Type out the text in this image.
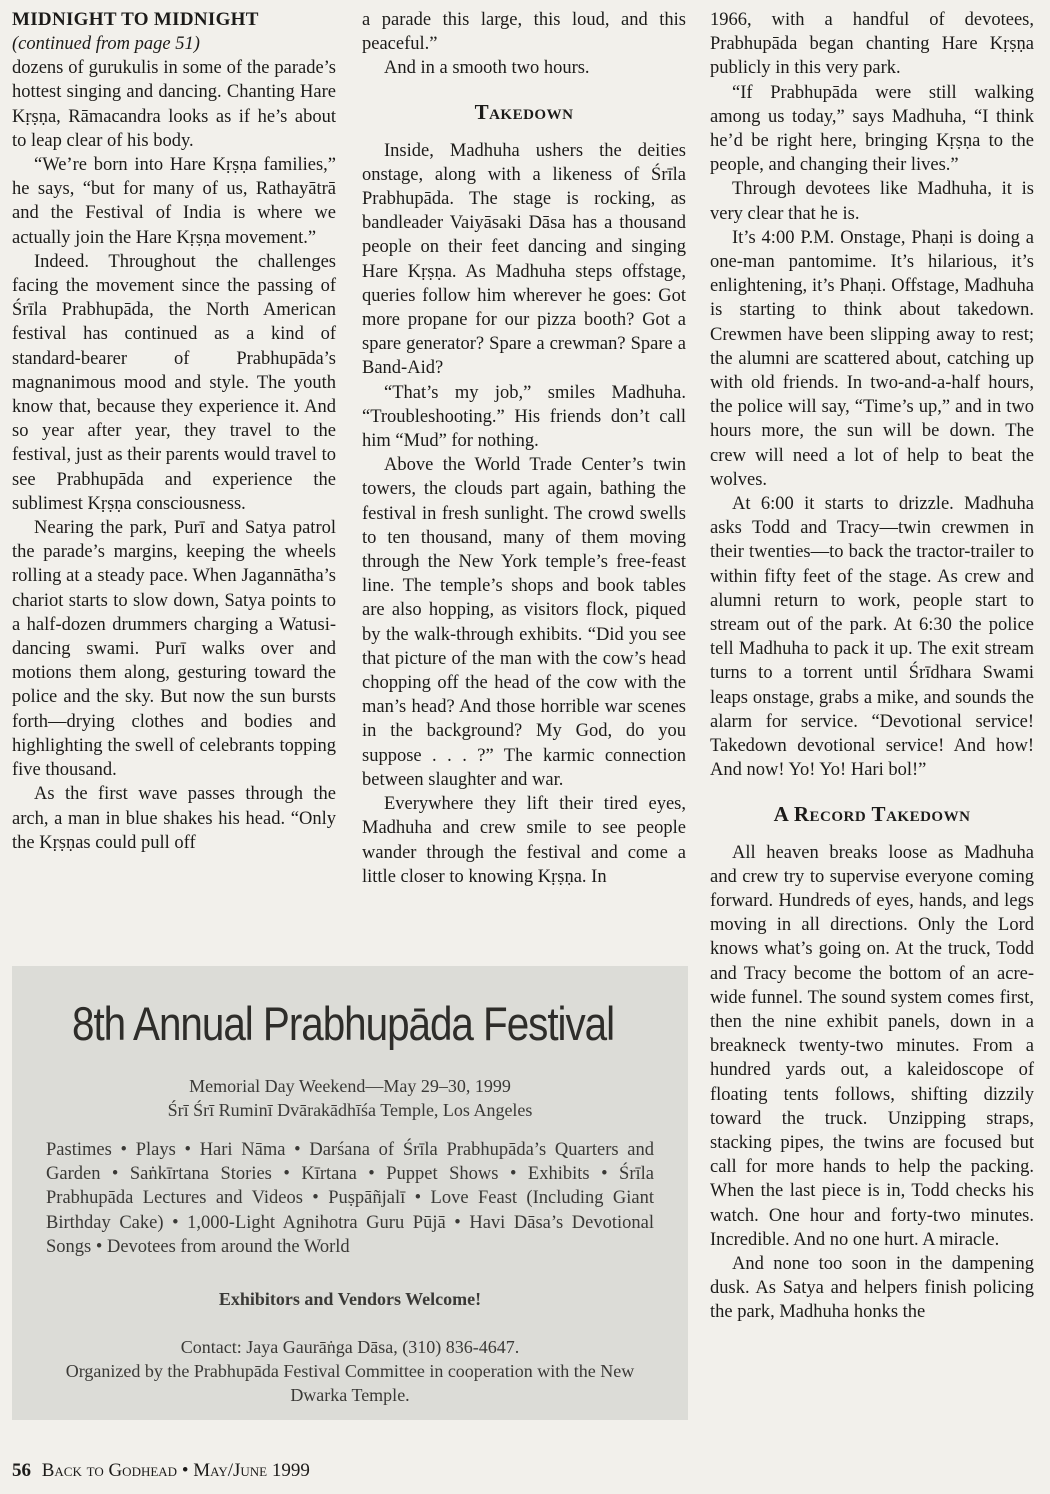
MIDNIGHT TO MIDNIGHT
(continued from page 51)

dozens of gurukulis in some of the parade’s hottest singing and dancing. Chanting Hare Kṛṣṇa, Rāmacandra looks as if he’s about to leap clear of his body.

“We’re born into Hare Kṛṣṇa families,” he says, “but for many of us, Rathayātrā and the Festival of India is where we actually join the Hare Kṛṣṇa movement.”

Indeed. Throughout the challenges facing the movement since the passing of Śrīla Prabhupāda, the North American festival has continued as a kind of standard-bearer of Prabhupāda’s magnanimous mood and style. The youth know that, because they experience it. And so year after year, they travel to the festival, just as their parents would travel to see Prabhupāda and experience the sublimest Kṛṣṇa consciousness.

Nearing the park, Purī and Satya patrol the parade’s margins, keeping the wheels rolling at a steady pace. When Jagannātha’s chariot starts to slow down, Satya points to a half-dozen drummers charging a Watusi-dancing swami. Purī walks over and motions them along, gesturing toward the police and the sky. But now the sun bursts forth—drying clothes and bodies and highlighting the swell of celebrants topping five thousand.

As the first wave passes through the arch, a man in blue shakes his head. “Only the Kṛṣṇas could pull off

a parade this large, this loud, and this peaceful.”

And in a smooth two hours.

Takedown

Inside, Madhuha ushers the deities onstage, along with a likeness of Śrīla Prabhupāda. The stage is rocking, as bandleader Vaiyāsaki Dāsa has a thousand people on their feet dancing and singing Hare Kṛṣṇa. As Madhuha steps offstage, queries follow him wherever he goes: Got more propane for our pizza booth? Got a spare generator? Spare a crewman? Spare a Band-Aid?

“That’s my job,” smiles Madhuha. “Troubleshooting.” His friends don’t call him “Mud” for nothing.

Above the World Trade Center’s twin towers, the clouds part again, bathing the festival in fresh sunlight. The crowd swells to ten thousand, many of them moving through the New York temple’s free-feast line. The temple’s shops and book tables are also hopping, as visitors flock, piqued by the walk-through exhibits. “Did you see that picture of the man with the cow’s head chopping off the head of the cow with the man’s head? And those horrible war scenes in the background? My God, do you suppose . . . ?” The karmic connection between slaughter and war.

Everywhere they lift their tired eyes, Madhuha and crew smile to see people wander through the festival and come a little closer to knowing Kṛṣṇa. In

1966, with a handful of devotees, Prabhupāda began chanting Hare Kṛṣṇa publicly in this very park.

“If Prabhupāda were still walking among us today,” says Madhuha, “I think he’d be right here, bringing Kṛṣṇa to the people, and changing their lives.”

Through devotees like Madhuha, it is very clear that he is.

It’s 4:00 P.M. Onstage, Phaṇi is doing a one-man pantomime. It’s hilarious, it’s enlightening, it’s Phaṇi. Offstage, Madhuha is starting to think about takedown. Crewmen have been slipping away to rest; the alumni are scattered about, catching up with old friends. In two-and-a-half hours, the police will say, “Time’s up,” and in two hours more, the sun will be down. The crew will need a lot of help to beat the wolves.

At 6:00 it starts to drizzle. Madhuha asks Todd and Tracy—twin crewmen in their twenties—to back the tractor-trailer to within fifty feet of the stage. As crew and alumni return to work, people start to stream out of the park. At 6:30 the police tell Madhuha to pack it up. The exit stream turns to a torrent until Śrīdhara Swami leaps onstage, grabs a mike, and sounds the alarm for service. “Devotional service! Takedown devotional service! And how! And now! Yo! Yo! Hari bol!”

A Record Takedown

All heaven breaks loose as Madhuha and crew try to supervise everyone coming forward. Hundreds of eyes, hands, and legs moving in all directions. Only the Lord knows what’s going on. At the truck, Todd and Tracy become the bottom of an acre-wide funnel. The sound system comes first, then the nine exhibit panels, down in a breakneck twenty-two minutes. From a hundred yards out, a kaleidoscope of floating tents follows, shifting dizzily toward the truck. Unzipping straps, stacking pipes, the twins are focused but call for more hands to help the packing. When the last piece is in, Todd checks his watch. One hour and forty-two minutes. Incredible. And no one hurt. A miracle.

And none too soon in the dampening dusk. As Satya and helpers finish policing the park, Madhuha honks the

8th Annual Prabhupāda Festival
Memorial Day Weekend—May 29–30, 1999
Śrī Śrī Ruminī Dvārakādhīśa Temple, Los Angeles
Pastimes • Plays • Hari Nāma • Darśana of Śrīla Prabhupāda’s Quarters and Garden • Saṅkīrtana Stories • Kīrtana • Puppet Shows • Exhibits • Śrīla Prabhupāda Lectures and Videos • Puṣpāñjalī • Love Feast (Including Giant Birthday Cake) • 1,000-Light Agnihotra Guru Pūjā • Havi Dāsa’s Devotional Songs • Devotees from around the World
Exhibitors and Vendors Welcome!
Contact: Jaya Gaurāṅga Dāsa, (310) 836-4647.
Organized by the Prabhupāda Festival Committee in cooperation with the New Dwarka Temple.
56 Back to Godhead • May/June 1999
